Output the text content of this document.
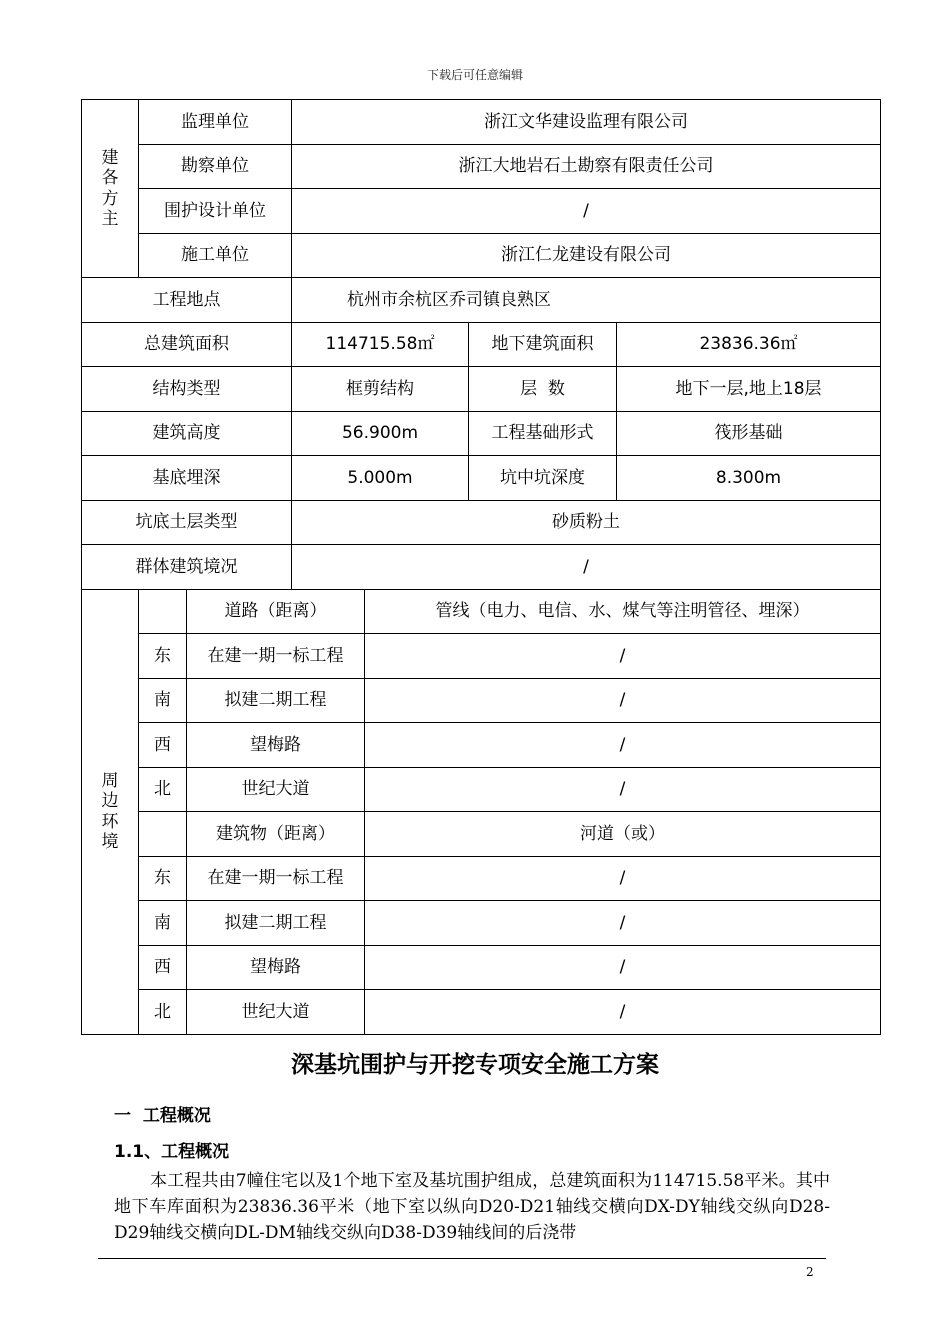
下载后可任意编辑
建各方主	监理单位		浙江文华建设监理有限公司			
	勘察单位		浙江大地岩石土勘察有限责任公司			
	围护设计单位		/			
	施工单位		浙江仁龙建设有限公司			
工程地点			杭州市余杭区乔司镇良熟区			
总建筑面积			114715.58㎡		地下建筑面积	23836.36㎡
结构类型			框剪结构		层  数	地下一层,地上18层
建筑高度			56.900m		工程基础形式	筏形基础
基底埋深			5.000m		坑中坑深度	8.300m
坑底土层类型			砂质粉土			
群体建筑境况			/			
周边环境		道路（距离）		管线（电力、电信、水、煤气等注明管径、埋深）		
	东	在建一期一标工程		/		
	南	拟建二期工程		/		
	西	望梅路		/		
	北	世纪大道		/		
		建筑物（距离）		河道（或）		
	东	在建一期一标工程		/		
	南	拟建二期工程		/		
	西	望梅路		/		
	北	世纪大道		/		
深基坑围护与开挖专项安全施工方案
一  工程概况
1.1、工程概况
本工程共由7幢住宅以及1个地下室及基坑围护组成，总建筑面积为114715.58平米。其中地下车库面积为23836.36平米（地下室以纵向D20-D21轴线交横向DX-DY轴线交纵向D28-D29轴线交横向DL-DM轴线交纵向D38-D39轴线间的后浇带
2
